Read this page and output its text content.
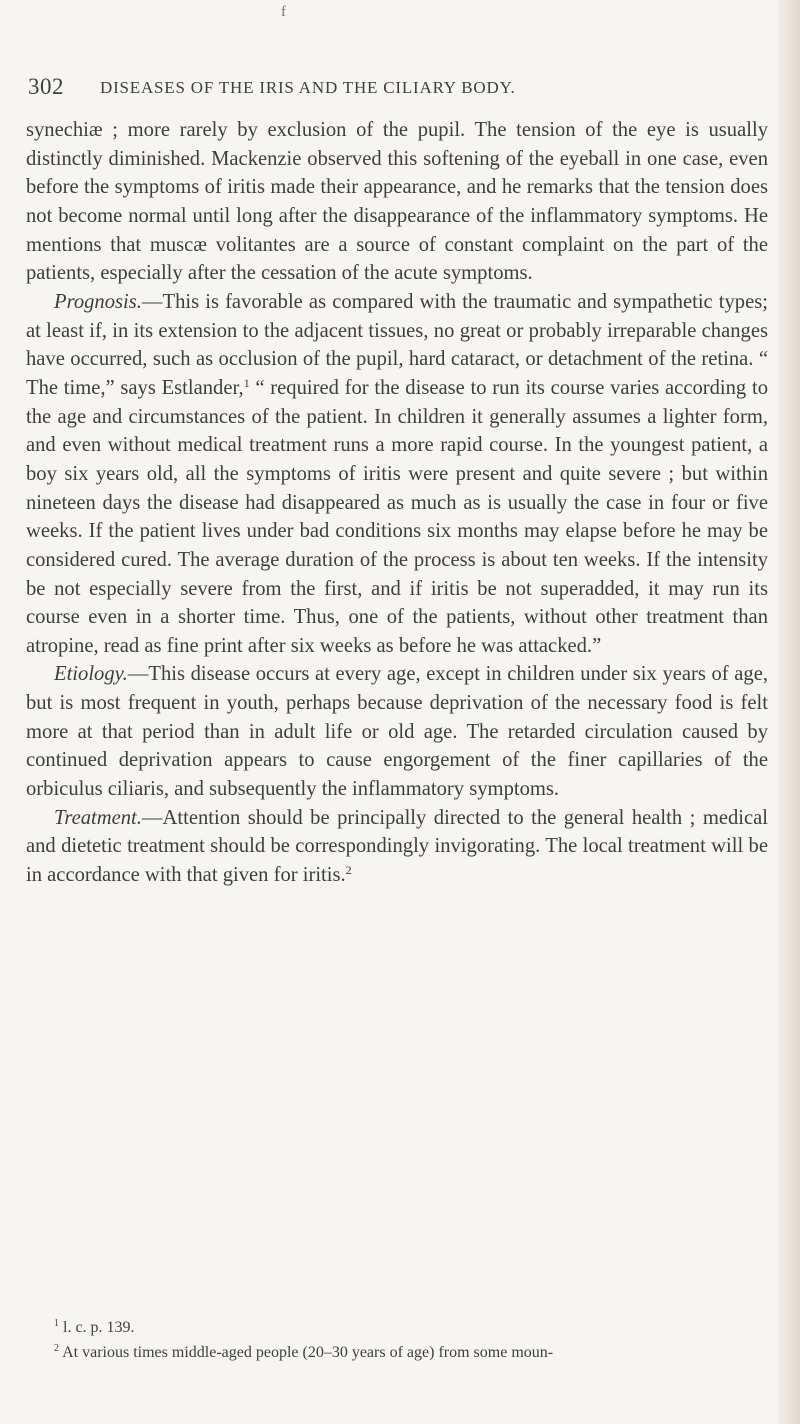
f
302 DISEASES OF THE IRIS AND THE CILIARY BODY.

synechiæ ; more rarely by exclusion of the pupil. The tension of the eye is usually distinctly diminished. Mackenzie observed this softening of the eyeball in one case, even before the symptoms of iritis made their appearance, and he remarks that the tension does not become normal until long after the disappearance of the inflammatory symptoms. He mentions that muscæ volitantes are a source of constant complaint on the part of the patients, especially after the cessation of the acute symptoms.

Prognosis.—This is favorable as compared with the traumatic and sympathetic types; at least if, in its extension to the adjacent tissues, no great or probably irreparable changes have occurred, such as occlusion of the pupil, hard cataract, or detachment of the retina. “ The time,” says Estlander,$^1$ “ required for the disease to run its course varies according to the age and circumstances of the patient. In children it generally assumes a lighter form, and even without medical treatment runs a more rapid course. In the youngest patient, a boy six years old, all the symptoms of iritis were present and quite severe ; but within nineteen days the disease had disappeared as much as is usually the case in four or five weeks. If the patient lives under bad conditions six months may elapse before he may be considered cured. The average duration of the process is about ten weeks. If the intensity be not especially severe from the first, and if iritis be not superadded, it may run its course even in a shorter time. Thus, one of the patients, without other treatment than atropine, read as fine print after six weeks as before he was attacked.”

Etiology.—This disease occurs at every age, except in children under six years of age, but is most frequent in youth, perhaps because deprivation of the necessary food is felt more at that period than in adult life or old age. The retarded circulation caused by continued deprivation appears to cause engorgement of the finer capillaries of the orbiculus ciliaris, and subsequently the inflammatory symptoms.

Treatment.—Attention should be principally directed to the general health ; medical and dietetic treatment should be correspondingly invigorating. The local treatment will be in accordance with that given for iritis.$^2$

$^1$ l. c. p. 139.

$^2$ At various times middle-aged people (20–30 years of age) from some moun-
